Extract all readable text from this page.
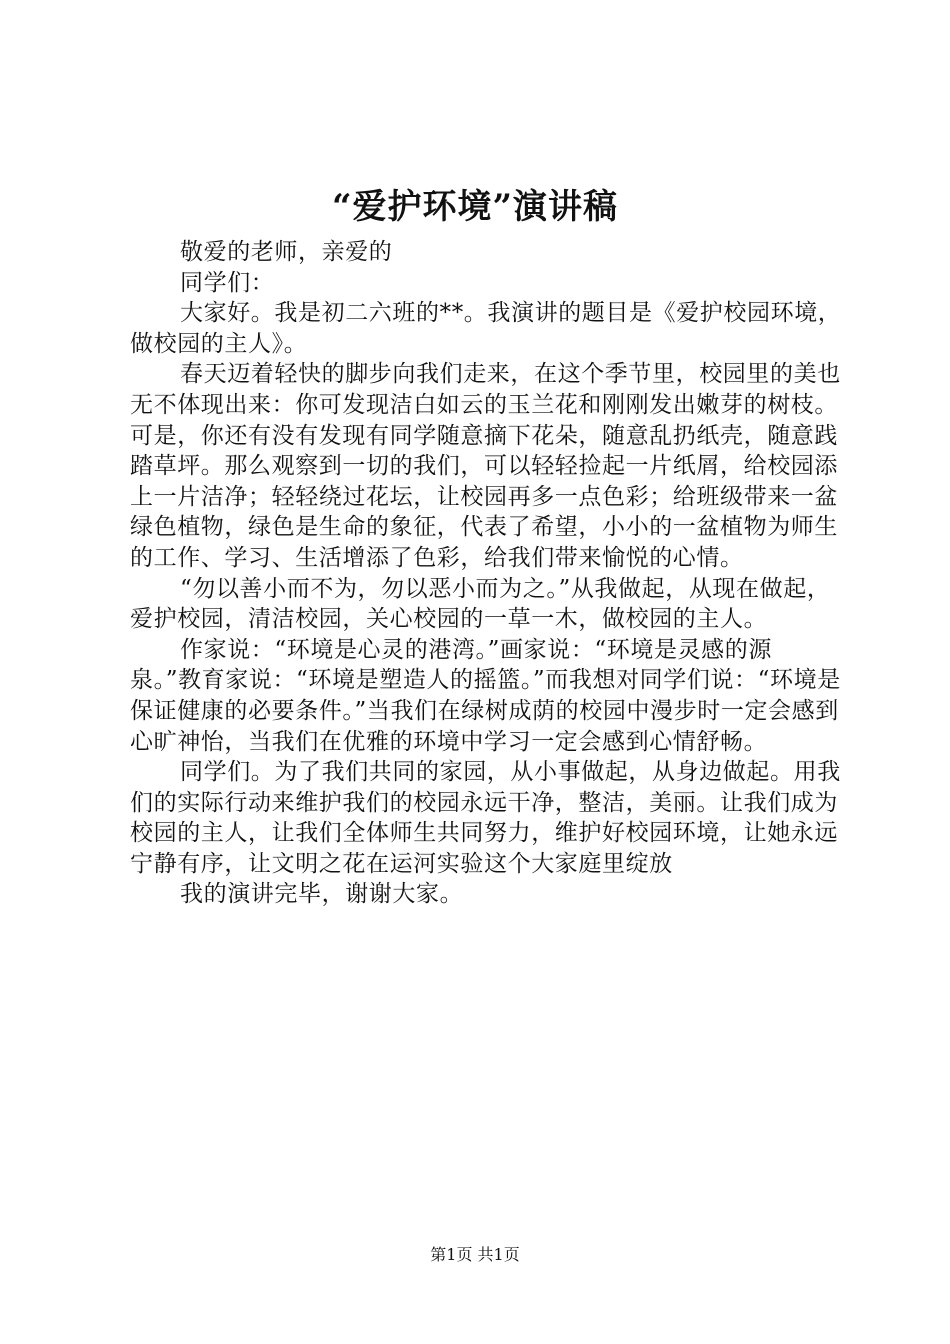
“爱护环境”演讲稿

敬爱的老师，亲爱的

同学们：

大家好。我是初二六班的**。我演讲的题目是《爱护校园环境，做校园的主人》。

春天迈着轻快的脚步向我们走来，在这个季节里，校园里的美也无不体现出来：你可发现洁白如云的玉兰花和刚刚发出嫩芽的树枝。可是，你还有没有发现有同学随意摘下花朵，随意乱扔纸壳，随意践踏草坪。那么观察到一切的我们，可以轻轻捡起一片纸屑，给校园添上一片洁净；轻轻绕过花坛，让校园再多一点色彩；给班级带来一盆绿色植物，绿色是生命的象征，代表了希望，小小的一盆植物为师生的工作、学习、生活增添了色彩，给我们带来愉悦的心情。

“勿以善小而不为，勿以恶小而为之。”从我做起，从现在做起，爱护校园，清洁校园，关心校园的一草一木，做校园的主人。

作家说：“环境是心灵的港湾。”画家说：“环境是灵感的源泉。”教育家说：“环境是塑造人的摇篮。”而我想对同学们说：“环境是保证健康的必要条件。”当我们在绿树成荫的校园中漫步时一定会感到心旷神怡，当我们在优雅的环境中学习一定会感到心情舒畅。

同学们。为了我们共同的家园，从小事做起，从身边做起。用我们的实际行动来维护我们的校园永远干净，整洁，美丽。让我们成为校园的主人，让我们全体师生共同努力，维护好校园环境，让她永远宁静有序，让文明之花在运河实验这个大家庭里绽放

我的演讲完毕，谢谢大家。

第1页 共1页
